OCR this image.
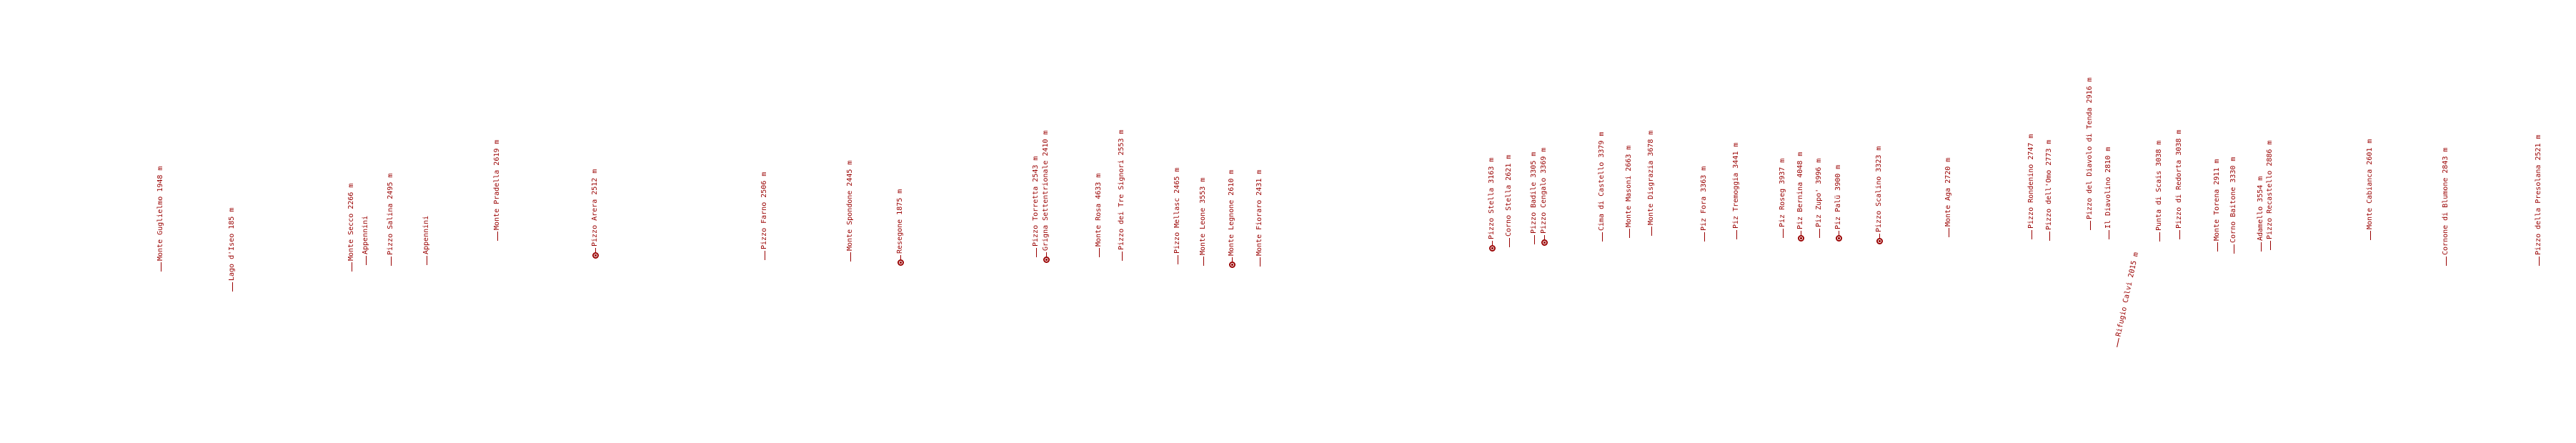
Monte Guglielmo 1948 m	Lago d'Iseo 185 m	Monte Secco 2266 m Appennini Pizzo Salina 2495 m	Appennini
Monte Pradella 2619 m	Pizzo Arera 2512 m	Pizzo Farno 2506 m	Monte Spondone 2445 m	Resegone 1875 m	Pizzo Torretta 2543 m Grigna Settentrionale 2410 m	Monte Rosa 4633 m Pizzo dei Tre Signori 2553 m	Pizzo Mellasc 2465 m	Monte Leone 3553 m	Monte Legnone 2610 m	Monte Fioraro 2431 m	Pizzo Stella 3163 m Corno Stella 2621 m Pizzo Badile 3305 m Pizzo Cengalo 3369 m	Cima di Castello 3379 m	Monte Masoni 2663 m Monte Disgrazia 3678 m	Piz Fora 3363 m	Piz Tremoggia 3441 m	Piz Roseg 3937 m Piz Bernina 4048 m Piz Zupo' 3996 m Piz Palü 3900 m	Pizzo Scalino 3323 m	Monte Aga 2720 m	Pizzo Rondenino 2747 m Pizzo dell'Omo 2773 m	Pizzo del Diavolo di Tenda 2916 m Il Diavolino 2810 m
Rifugio Calvi 2015 m
Punta di Scais 3038 m Pizzo di Redorta 3038 m	Monte Torena 2911 m Corno Baitone 3330 m	Adamello 3554 m Pizzo Recastello 2886 m	Monte Cabianca 2601 m	Cornone di Blumone 2843 m	Pizzo della Presolana 2521 m
